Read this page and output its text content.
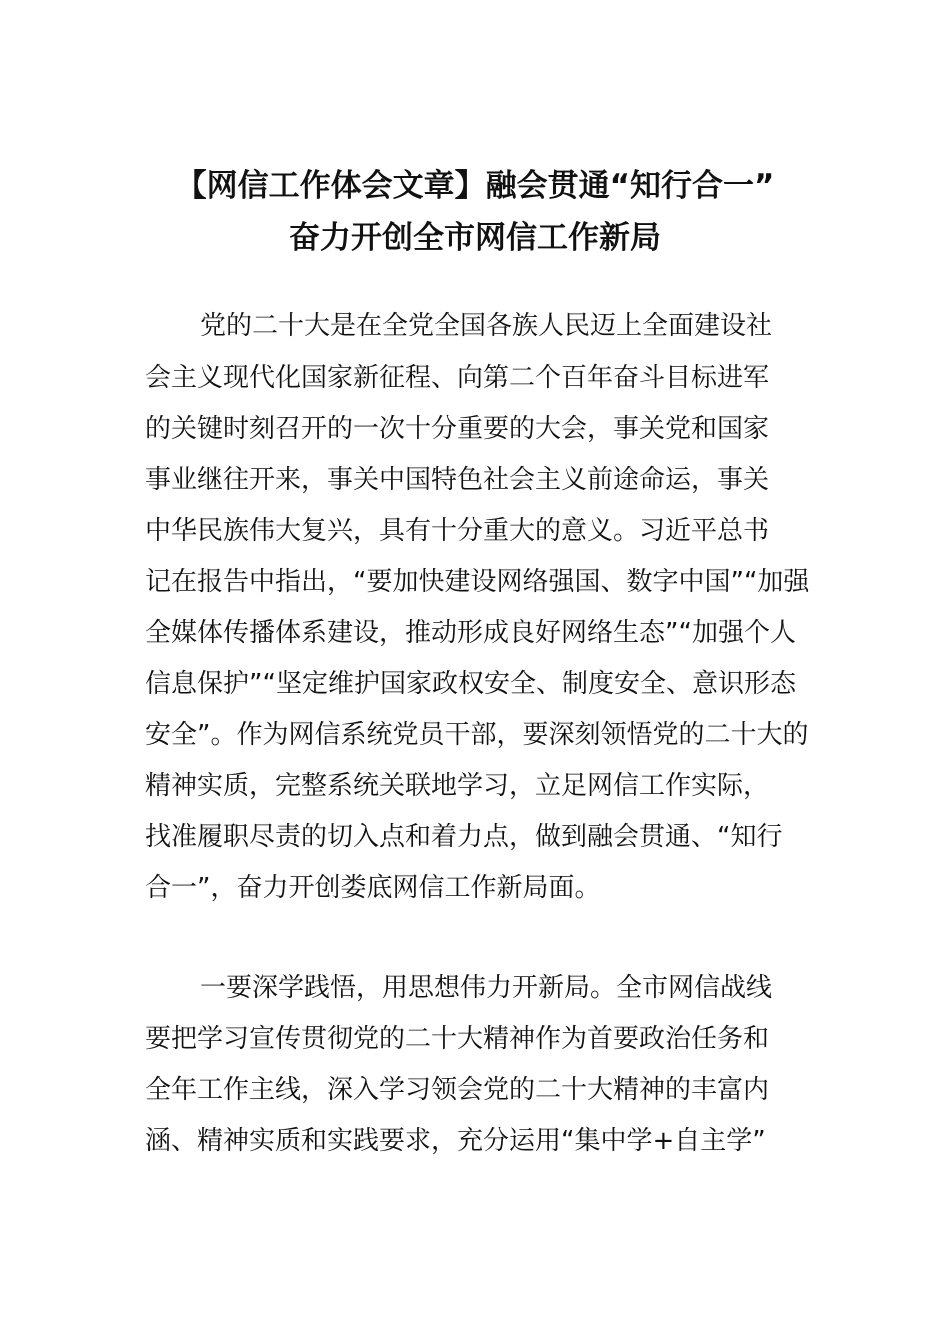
【网信工作体会文章】融会贯通“知行合一”
奋力开创全市网信工作新局
党的二十大是在全党全国各族人民迈上全面建设社
会主义现代化国家新征程、向第二个百年奋斗目标进军
的关键时刻召开的一次十分重要的大会，事关党和国家
事业继往开来，事关中国特色社会主义前途命运，事关
中华民族伟大复兴，具有十分重大的意义。习近平总书
记在报告中指出，“要加快建设网络强国、数字中国”“加强
全媒体传播体系建设，推动形成良好网络生态”“加强个人
信息保护”“坚定维护国家政权安全、制度安全、意识形态
安全”。作为网信系统党员干部，要深刻领悟党的二十大的
精神实质，完整系统关联地学习，立足网信工作实际，
找准履职尽责的切入点和着力点，做到融会贯通、“知行
合一”，奋力开创娄底网信工作新局面。
一要深学践悟，用思想伟力开新局。全市网信战线
要把学习宣传贯彻党的二十大精神作为首要政治任务和
全年工作主线，深入学习领会党的二十大精神的丰富内
涵、精神实质和实践要求，充分运用“集中学+自主学”
